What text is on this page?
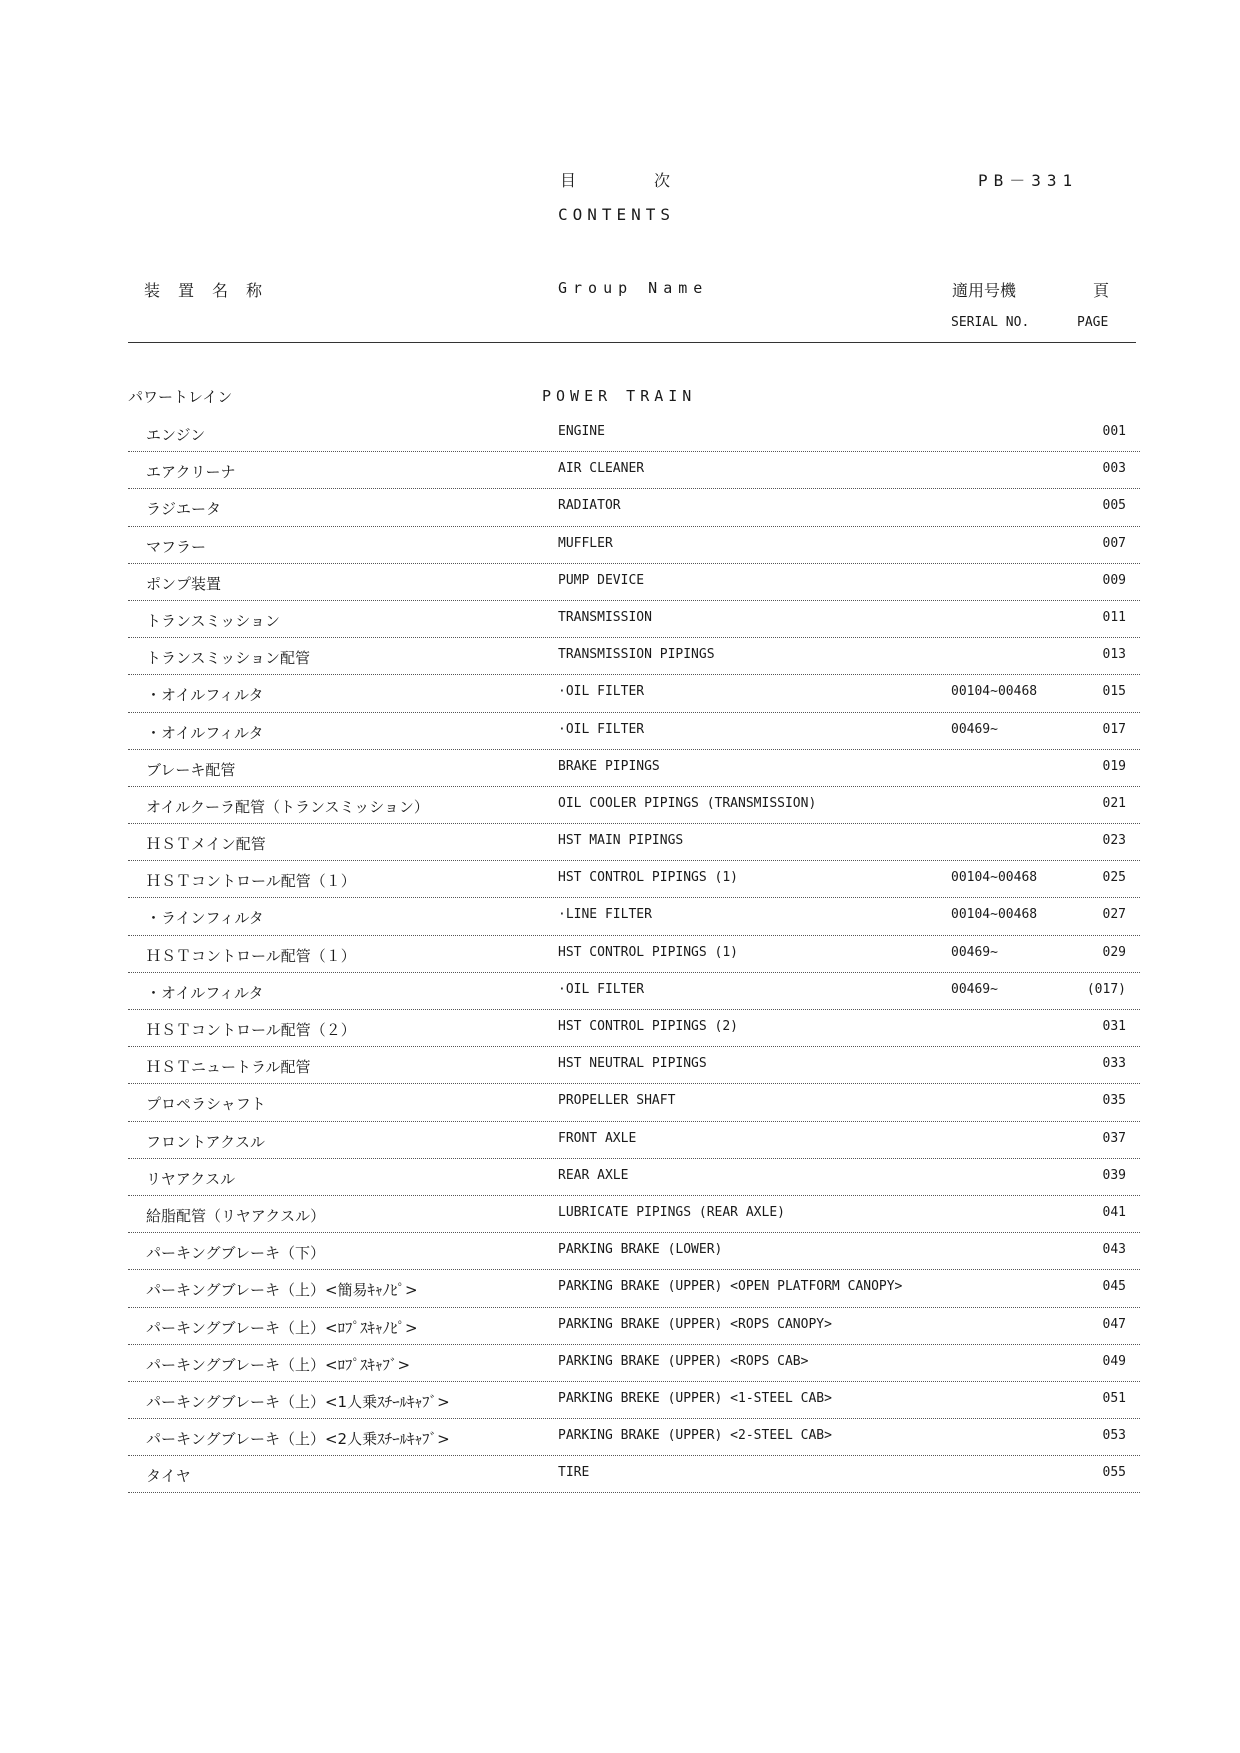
目次	PB－331
CONTENTS
装置名称	Group Name	適用号機	頁
SERIAL NO.	PAGE
パワートレイン	POWER TRAIN
エンジン	ENGINE	001
エアクリーナ	AIR CLEANER	003
ラジエータ	RADIATOR	005
マフラー	MUFFLER	007
ポンプ装置	PUMP DEVICE	009
トランスミッション	TRANSMISSION	011
トランスミッション配管	TRANSMISSION PIPINGS	013
・オイルフィルタ	·OIL FILTER	00104~00468	015
・オイルフィルタ	·OIL FILTER	00469~	017
ブレーキ配管	BRAKE PIPINGS	019
オイルクーラ配管（トランスミッション）	OIL COOLER PIPINGS (TRANSMISSION)	021
ＨＳＴメイン配管	HST MAIN PIPINGS	023
ＨＳＴコントロール配管（１）	HST CONTROL PIPINGS (1)	00104~00468	025
・ラインフィルタ	·LINE FILTER	00104~00468	027
ＨＳＴコントロール配管（１）	HST CONTROL PIPINGS (1)	00469~	029
・オイルフィルタ	·OIL FILTER	00469~	(017)
ＨＳＴコントロール配管（２）	HST CONTROL PIPINGS (2)	031
ＨＳＴニュートラル配管	HST NEUTRAL PIPINGS	033
プロペラシャフト	PROPELLER SHAFT	035
フロントアクスル	FRONT AXLE	037
リヤアクスル	REAR AXLE	039
給脂配管（リヤアクスル）	LUBRICATE PIPINGS (REAR AXLE)	041
パーキングブレーキ（下）	PARKING BRAKE (LOWER)	043
パーキングブレーキ（上）<簡易ｷｬﾉﾋﾟ>	PARKING BRAKE (UPPER) <OPEN PLATFORM CANOPY>	045
パーキングブレーキ（上）<ﾛﾌﾟｽｷｬﾉﾋﾟ>	PARKING BRAKE (UPPER) <ROPS CANOPY>	047
パーキングブレーキ（上）<ﾛﾌﾟｽｷｬﾌﾞ>	PARKING BRAKE (UPPER) <ROPS CAB>	049
パーキングブレーキ（上）<1人乗ｽﾁｰﾙｷｬﾌﾞ>	PARKING BREKE (UPPER) <1-STEEL CAB>	051
パーキングブレーキ（上）<2人乗ｽﾁｰﾙｷｬﾌﾞ>	PARKING BRAKE (UPPER) <2-STEEL CAB>	053
タイヤ	TIRE	055
